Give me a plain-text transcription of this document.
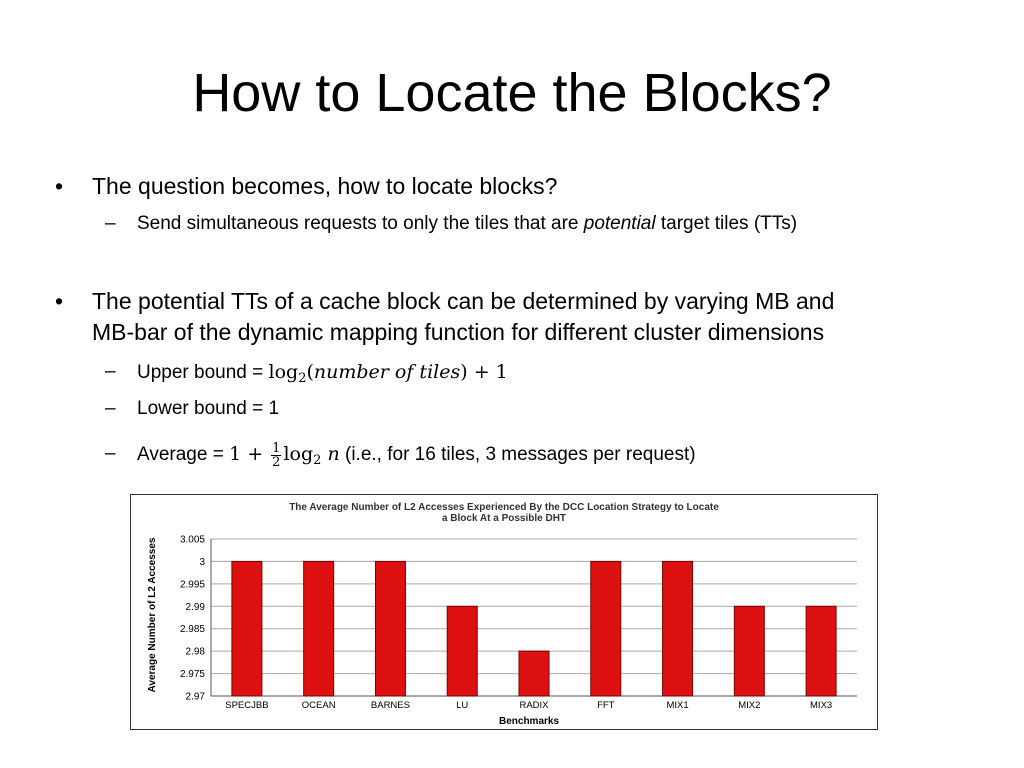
How to Locate the Blocks?
• The question becomes, how to locate blocks?
– Send simultaneous requests to only the tiles that are potential target tiles (TTs)
• The potential TTs of a cache block can be determined by varying MB and
MB-bar of the dynamic mapping function for different cluster dimensions
– Upper bound = $\log_2(number$ of tiles) + 1
– Lower bound = 1
– Average = $1 + \frac{1}{2} \log_2 n$ (i.e., for 16 tiles, 3 messages per request)
The Average Number of L2 Accesses Experienced By the DCC Location Strategy to Locate
a Block At a Possible DHT
2.97
2.975
2.98
2.985
2.99
2.995
3
3.005
SPECJBB	OCEAN	BARNES	LU	RADIX	FFT	MIX1	MIX2	MIX3
Average Number of L2 Accesses
Benchmarks
